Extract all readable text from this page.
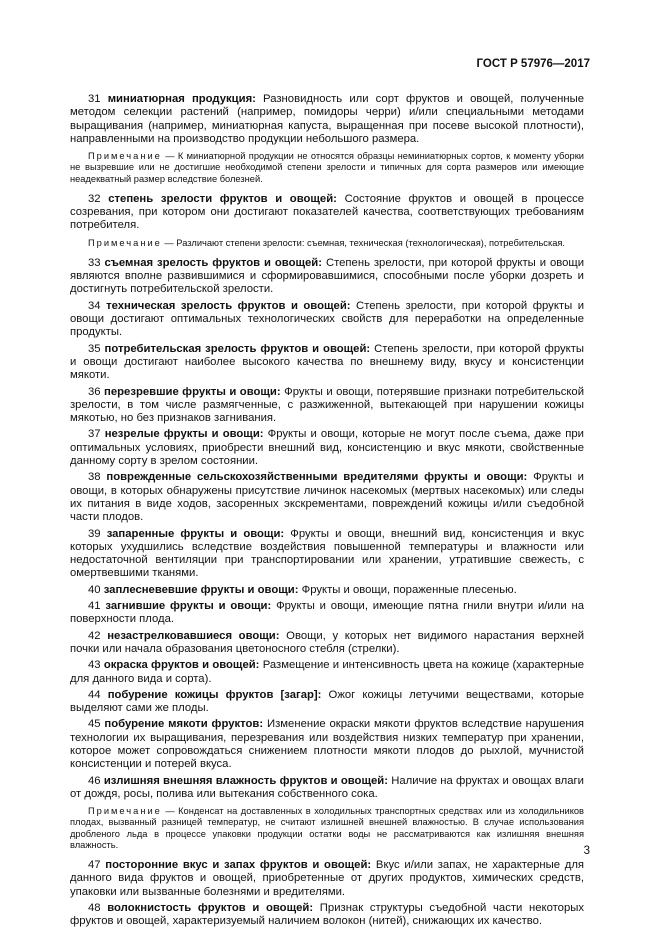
ГОСТ Р 57976—2017

31 миниатюрная продукция: Разновидность или сорт фруктов и овощей, полученные методом селекции растений (например, помидоры черри) и/или специальными методами выращивания (например, миниатюрная капуста, выращенная при посеве высокой плотности), направленными на производство продукции небольшого размера.

Примечание — К миниатюрной продукции не относятся образцы неминиатюрных сортов, к моменту уборки не вызревшие или не достигшие необходимой степени зрелости и типичных для сорта размеров или имеющие неадекватный размер вследствие болезней.

32 степень зрелости фруктов и овощей: Состояние фруктов и овощей в процессе созревания, при котором они достигают показателей качества, соответствующих требованиям потребителя.

Примечание — Различают степени зрелости: съемная, техническая (технологическая), потребительская.

33 съемная зрелость фруктов и овощей: Степень зрелости, при которой фрукты и овощи являются вполне развившимися и сформировавшимися, способными после уборки дозреть и достигнуть потребительской зрелости.

34 техническая зрелость фруктов и овощей: Степень зрелости, при которой фрукты и овощи достигают оптимальных технологических свойств для переработки на определенные продукты.

35 потребительская зрелость фруктов и овощей: Степень зрелости, при которой фрукты и овощи достигают наиболее высокого качества по внешнему виду, вкусу и консистенции мякоти.

36 перезревшие фрукты и овощи: Фрукты и овощи, потерявшие признаки потребительской зрелости, в том числе размягченные, с разжиженной, вытекающей при нарушении кожицы мякотью, но без признаков загнивания.

37 незрелые фрукты и овощи: Фрукты и овощи, которые не могут после съема, даже при оптимальных условиях, приобрести внешний вид, консистенцию и вкус мякоти, свойственные данному сорту в зрелом состоянии.

38 поврежденные сельскохозяйственными вредителями фрукты и овощи: Фрукты и овощи, в которых обнаружены присутствие личинок насекомых (мертвых насекомых) или следы их питания в виде ходов, засоренных экскрементами, повреждений кожицы и/или съедобной части плодов.

39 запаренные фрукты и овощи: Фрукты и овощи, внешний вид, консистенция и вкус которых ухудшились вследствие воздействия повышенной температуры и влажности или недостаточной вентиляции при транспортировании или хранении, утратившие свежесть, с омертвевшими тканями.

40 заплесневевшие фрукты и овощи: Фрукты и овощи, пораженные плесенью.

41 загнившие фрукты и овощи: Фрукты и овощи, имеющие пятна гнили внутри и/или на поверхности плода.

42 незастрелковавшиеся овощи: Овощи, у которых нет видимого нарастания верхней почки или начала образования цветоносного стебля (стрелки).

43 окраска фруктов и овощей: Размещение и интенсивность цвета на кожице (характерные для данного вида и сорта).

44 побурение кожицы фруктов [загар]: Ожог кожицы летучими веществами, которые выделяют сами же плоды.

45 побурение мякоти фруктов: Изменение окраски мякоти фруктов вследствие нарушения технологии их выращивания, перезревания или воздействия низких температур при хранении, которое может сопровождаться снижением плотности мякоти плодов до рыхлой, мучнистой консистенции и потерей вкуса.

46 излишняя внешняя влажность фруктов и овощей: Наличие на фруктах и овощах влаги от дождя, росы, полива или вытекания собственного сока.

Примечание — Конденсат на доставленных в холодильных транспортных средствах или из холодильников плодах, вызванный разницей температур, не считают излишней внешней влажностью. В случае использования дробленого льда в процессе упаковки продукции остатки воды не рассматриваются как излишняя внешняя влажность.

47 посторонние вкус и запах фруктов и овощей: Вкус и/или запах, не характерные для данного вида фруктов и овощей, приобретенные от других продуктов, химических средств, упаковки или вызванные болезнями и вредителями.

48 волокнистость фруктов и овощей: Признак структуры съедобной части некоторых фруктов и овощей, характеризуемый наличием волокон (нитей), снижающих их качество.

3
